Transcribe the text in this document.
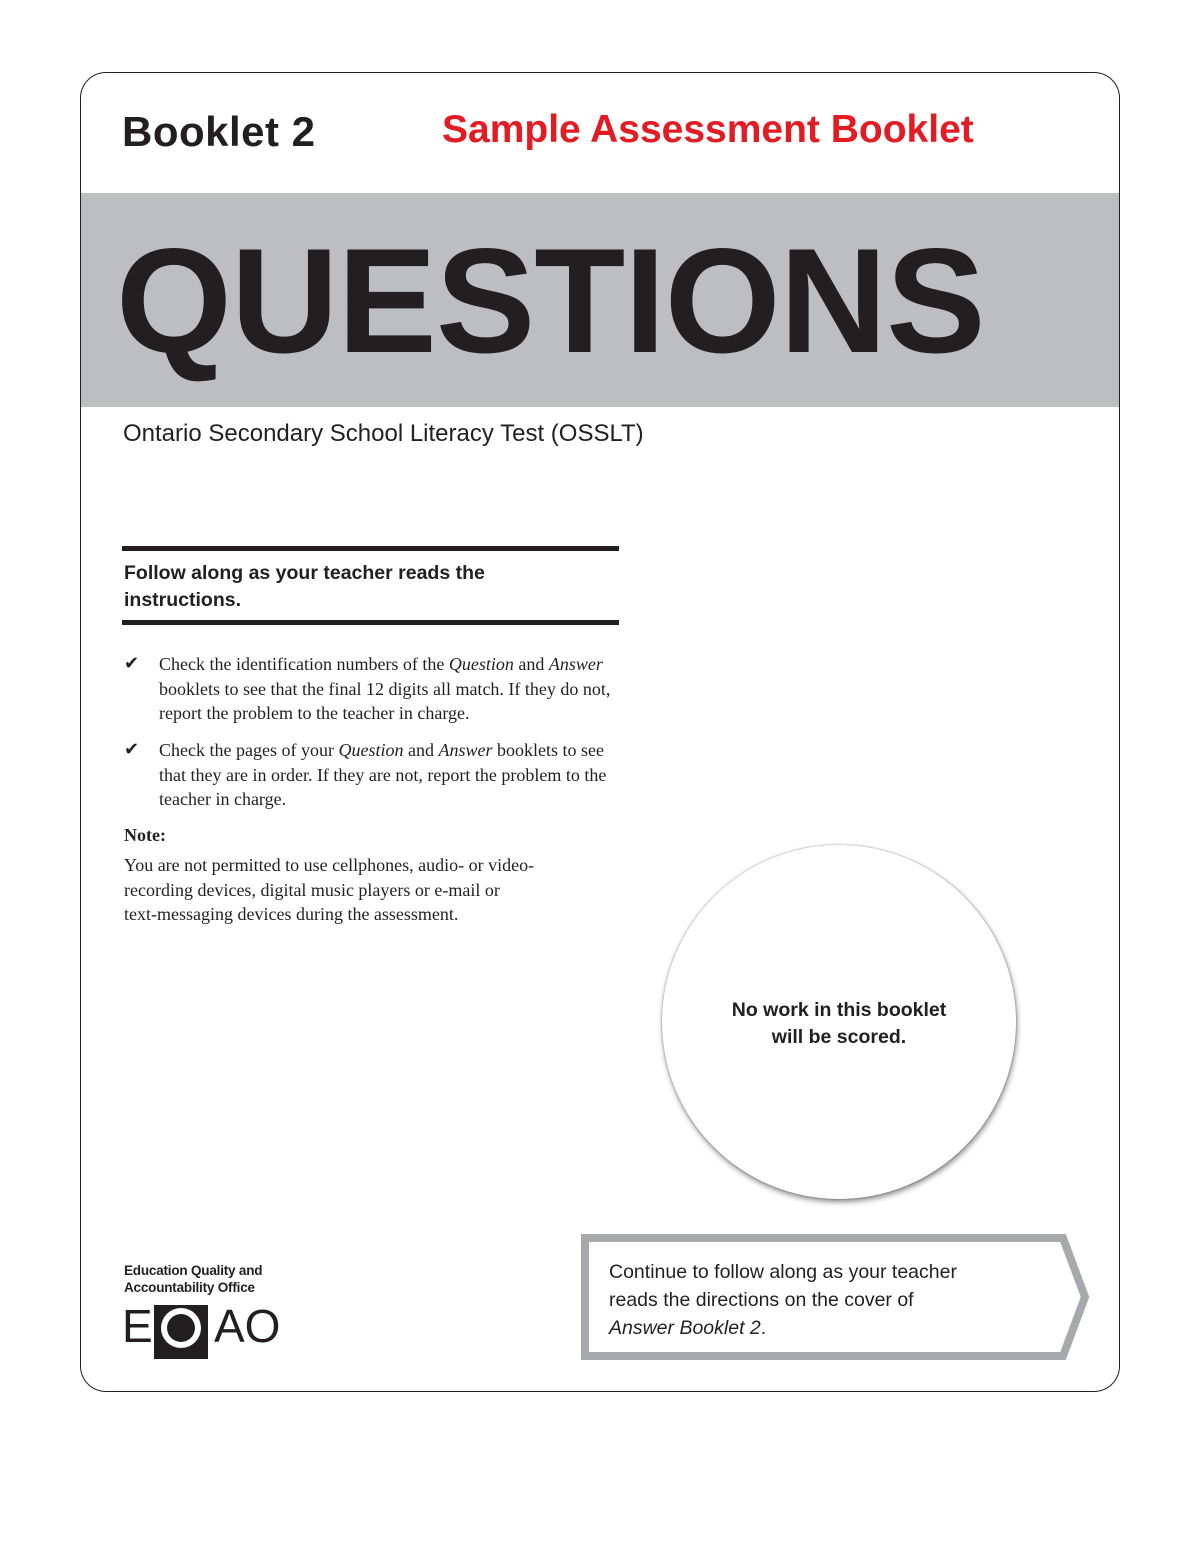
Booklet 2	Sample Assessment Booklet
QUESTIONS
Ontario Secondary School Literacy Test (OSSLT)
Follow along as your teacher reads the
instructions.
✔	Check the identification numbers of the Question and Answer booklets to see that the final 12 digits all match. If they do not, report the problem to the teacher in charge.
✔	Check the pages of your Question and Answer booklets to see that they are in order. If they are not, report the problem to the teacher in charge.
Note:
You are not permitted to use cellphones, audio- or video-
recording devices, digital music players or e-mail or
text-messaging devices during the assessment.
No work in this booklet
will be scored.
Education Quality and
Accountability Office
E AO
Continue to follow along as your teacher
reads the directions on the cover of
Answer Booklet 2.
